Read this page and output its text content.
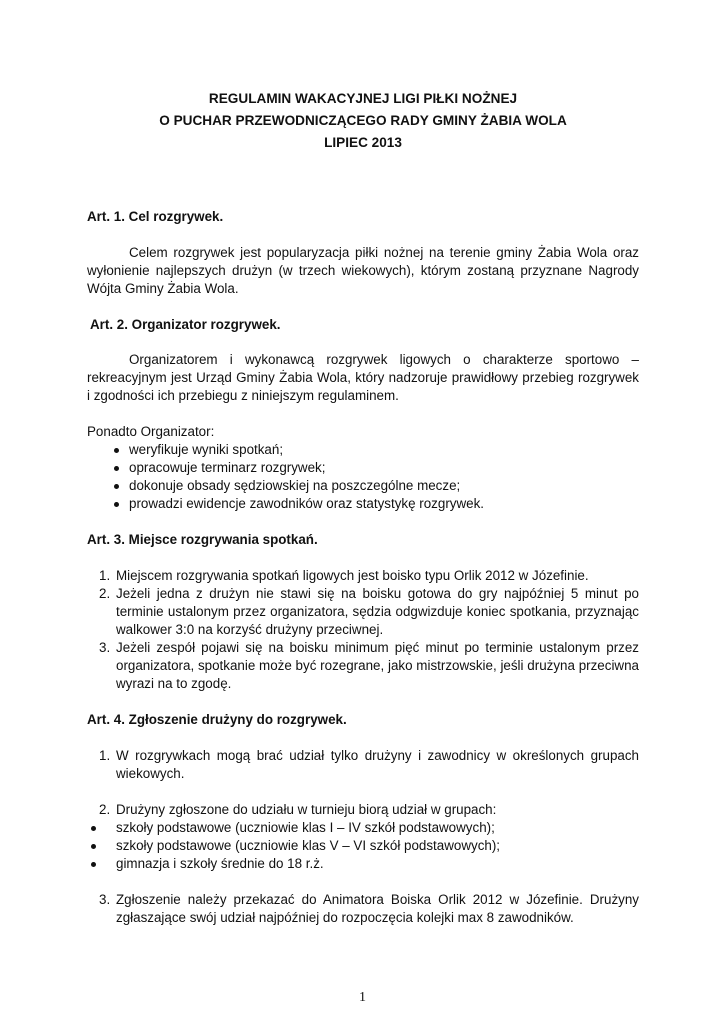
REGULAMIN WAKACYJNEJ LIGI PIŁKI NOŻNEJ

O PUCHAR PRZEWODNICZĄCEGO RADY GMINY ŻABIA WOLA

LIPIEC 2013

Art. 1. Cel rozgrywek.

Celem rozgrywek jest popularyzacja piłki nożnej na terenie gminy Żabia Wola oraz wyłonienie najlepszych drużyn (w trzech wiekowych), którym zostaną przyznane Nagrody Wójta Gminy Żabia Wola.

Art. 2. Organizator rozgrywek.

Organizatorem i wykonawcą rozgrywek ligowych o charakterze sportowo – rekreacyjnym jest Urząd Gminy Żabia Wola, który nadzoruje prawidłowy przebieg rozgrywek i zgodności ich przebiegu z niniejszym regulaminem.

Ponadto Organizator:

weryfikuje wyniki spotkań;
opracowuje terminarz rozgrywek;
dokonuje obsady sędziowskiej na poszczególne mecze;
prowadzi ewidencje zawodników oraz statystykę rozgrywek.

Art. 3. Miejsce rozgrywania spotkań.

1. Miejscem rozgrywania spotkań ligowych jest boisko typu Orlik 2012 w Józefinie.
2. Jeżeli jedna z drużyn nie stawi się na boisku gotowa do gry najpóźniej 5 minut po terminie ustalonym przez organizatora, sędzia odgwizduje koniec spotkania, przyznając walkower 3:0 na korzyść drużyny przeciwnej.
3. Jeżeli zespół pojawi się na boisku minimum pięć minut po terminie ustalonym przez organizatora, spotkanie może być rozegrane, jako mistrzowskie, jeśli drużyna przeciwna wyrazi na to zgodę.

Art. 4. Zgłoszenie drużyny do rozgrywek.

1. W rozgrywkach mogą brać udział tylko drużyny i zawodnicy w określonych grupach wiekowych.
2. Drużyny zgłoszone do udziału w turnieju biorą udział w grupach:
szkoły podstawowe (uczniowie klas I – IV szkół podstawowych);
szkoły podstawowe (uczniowie klas V – VI szkół podstawowych);
gimnazja i szkoły średnie do 18 r.ż.
3. Zgłoszenie należy przekazać do Animatora Boiska Orlik 2012 w Józefinie. Drużyny zgłaszające swój udział najpóźniej do rozpoczęcia kolejki max 8 zawodników.
1
